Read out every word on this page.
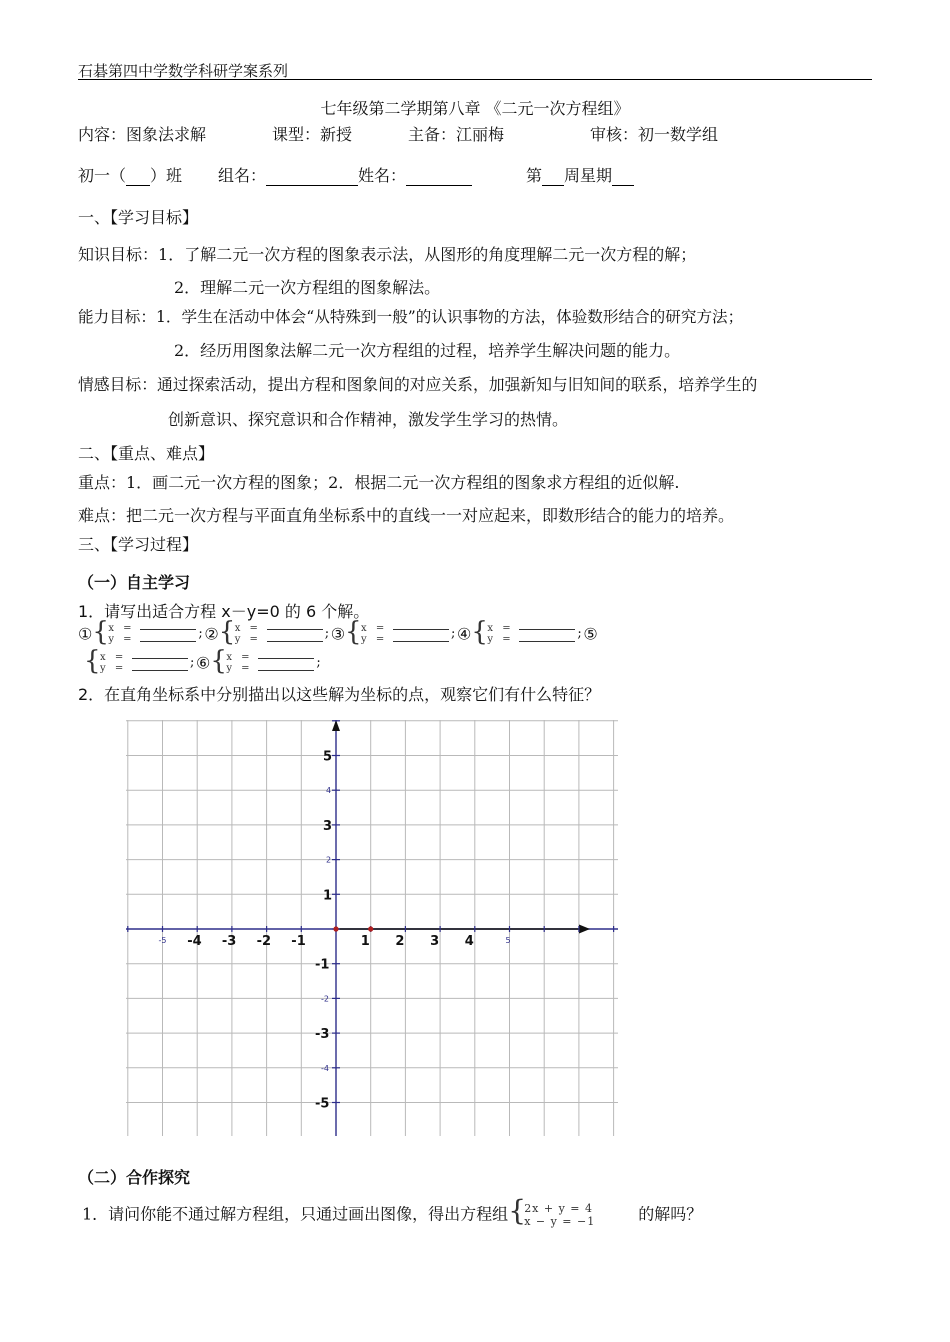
石碁第四中学数学科研学案系列
七年级第二学期第八章 《二元一次方程组》
内容：图象法求解	课型：新授	主备：江丽梅	审核：初一数学组
初一（ ）班 组名：	姓名：	第 周星期
一、【学习目标】
知识目标：1．了解二元一次方程的图象表示法，从图形的角度理解二元一次方程的解；
2．理解二元一次方程组的图象解法。
能力目标：1．学生在活动中体会“从特殊到一般”的认识事物的方法，体验数形结合的研究方法；
2．经历用图象法解二元一次方程组的过程，培养学生解决问题的能力。
情感目标：通过探索活动，提出方程和图象间的对应关系，加强新知与旧知间的联系，培养学生的
创新意识、探究意识和合作精神，激发学生学习的热情。
二、【重点、难点】
重点：1．画二元一次方程的图象；2．根据二元一次方程组的图象求方程组的近似解.
难点：把二元一次方程与平面直角坐标系中的直线一一对应起来，即数形结合的能力的培养。
三、【学习过程】
（一）自主学习
1．请写出适合方程 x－y=0 的 6 个解。
① { x =
y =	; ② { x =
y =	; ③ { x =
y =	; ④ { x =
y =	; ⑤
{ x =
y =	; ⑥ { x =
y =	;
2．在直角坐标系中分别描出以这些解为坐标的点，观察它们有什么特征？
-5 -4 -3 -2 -1	1 2 3 4	5
5
4
3
2
1
-1
-2
-3
-4
-5
（二）合作探究
1．请问你能不通过解方程组，只通过画出图像，得出方程组 {
2x + y = 4
x − y = −1	的解吗？
